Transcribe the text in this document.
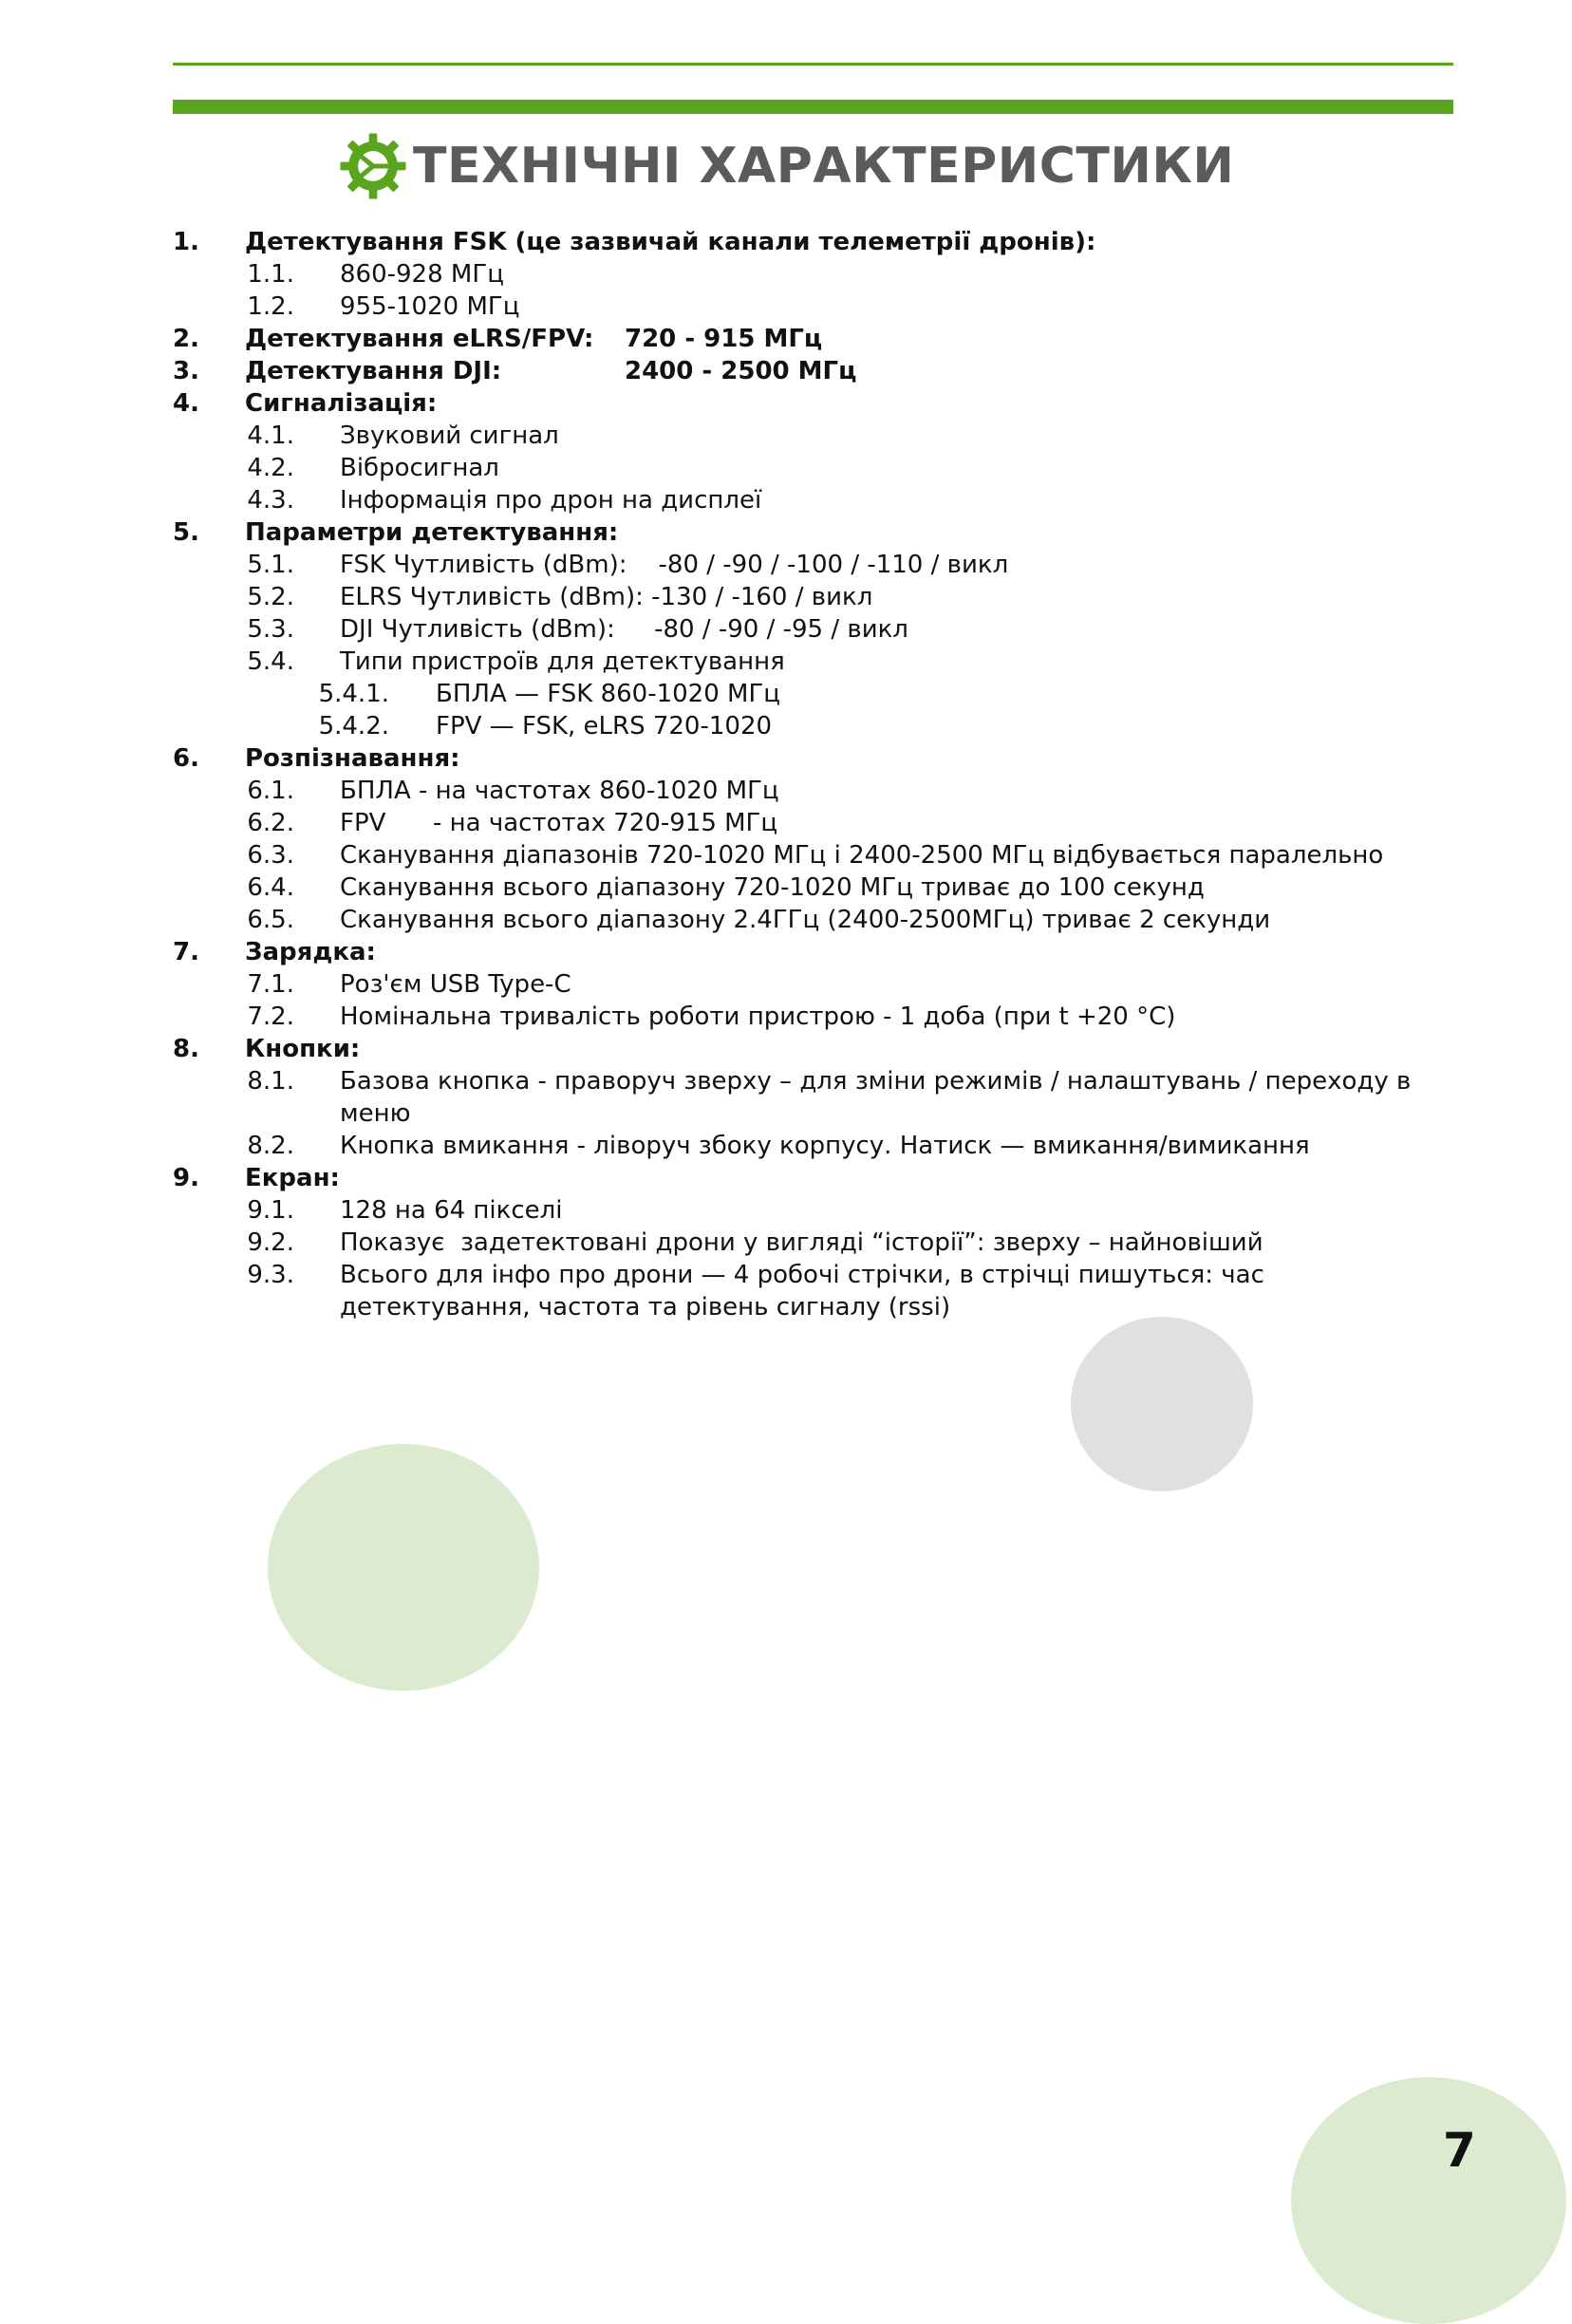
ТЕХНІЧНІ ХАРАКТЕРИСТИКИ
1. Детектування FSK (це зазвичай канали телеметрії дронів):
1.1. 860-928 МГц
1.2. 955-1020 МГц
2. Детектування eLRS/FPV: 720 - 915 МГц
3. Детектування DJI:	2400 - 2500 МГц
4. Сигналізація:
4.1. Звуковий сигнал
4.2. Вібросигнал
4.3. Інформація про дрон на дисплеї
5. Параметри детектування:
5.1. FSK Чутливість (dBm):    -80 / -90 / -100 / -110 / викл
5.2. ELRS Чутливість (dBm): -130 / -160 / викл
5.3. DJI Чутливість (dBm):     -80 / -90 / -95 / викл
5.4. Типи пристроїв для детектування
5.4.1. БПЛА — FSK 860-1020 МГц
5.4.2. FPV — FSK, eLRS 720-1020
6. Розпізнавання:
6.1. БПЛА - на частотах 860-1020 МГц
6.2. FPV      - на частотах 720-915 МГц
6.3. Сканування діапазонів 720-1020 МГц і 2400-2500 МГц відбувається паралельно
6.4. Сканування всього діапазону 720-1020 МГц триває до 100 секунд
6.5. Сканування всього діапазону 2.4ГГц (2400-2500МГц) триває 2 секунди
7. Зарядка:
7.1. Роз'єм USB Type-C
7.2. Номінальна тривалість роботи пристрою - 1 доба (при t +20 °C)
8. Кнопки:
8.1. Базова кнопка - праворуч зверху – для зміни режимів / налаштувань / переходу в меню
8.2. Кнопка вмикання - ліворуч збоку корпусу. Натиск — вмикання/вимикання
9. Екран:
9.1. 128 на 64 пікселі
9.2. Показує  задетектовані дрони у вигляді “історії”: зверху – найновіший
9.3. Всього для інфо про дрони — 4 робочі стрічки, в стрічці пишуться: час детектування, частота та рівень сигналу (rssi)
7
